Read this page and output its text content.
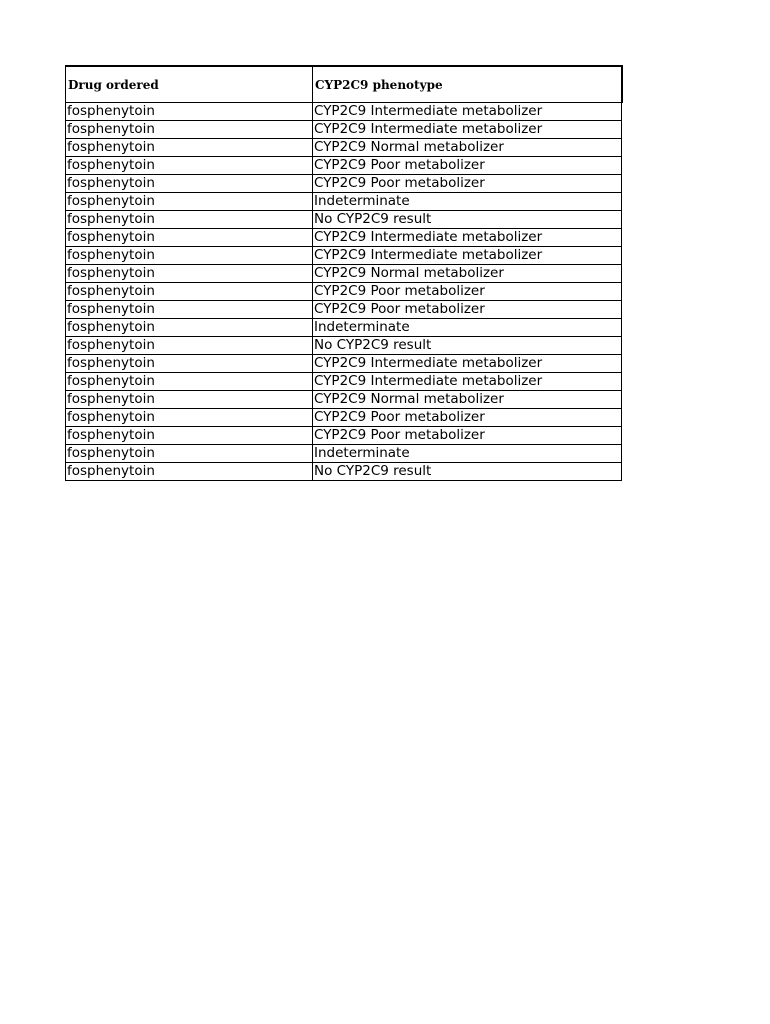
Drug ordered	CYP2C9 phenotype
fosphenytoin	CYP2C9 Intermediate metabolizer
fosphenytoin	CYP2C9 Intermediate metabolizer
fosphenytoin	CYP2C9 Normal metabolizer
fosphenytoin	CYP2C9 Poor metabolizer
fosphenytoin	CYP2C9 Poor metabolizer
fosphenytoin	Indeterminate
fosphenytoin	No CYP2C9 result
fosphenytoin	CYP2C9 Intermediate metabolizer
fosphenytoin	CYP2C9 Intermediate metabolizer
fosphenytoin	CYP2C9 Normal metabolizer
fosphenytoin	CYP2C9 Poor metabolizer
fosphenytoin	CYP2C9 Poor metabolizer
fosphenytoin	Indeterminate
fosphenytoin	No CYP2C9 result
fosphenytoin	CYP2C9 Intermediate metabolizer
fosphenytoin	CYP2C9 Intermediate metabolizer
fosphenytoin	CYP2C9 Normal metabolizer
fosphenytoin	CYP2C9 Poor metabolizer
fosphenytoin	CYP2C9 Poor metabolizer
fosphenytoin	Indeterminate
fosphenytoin	No CYP2C9 result
